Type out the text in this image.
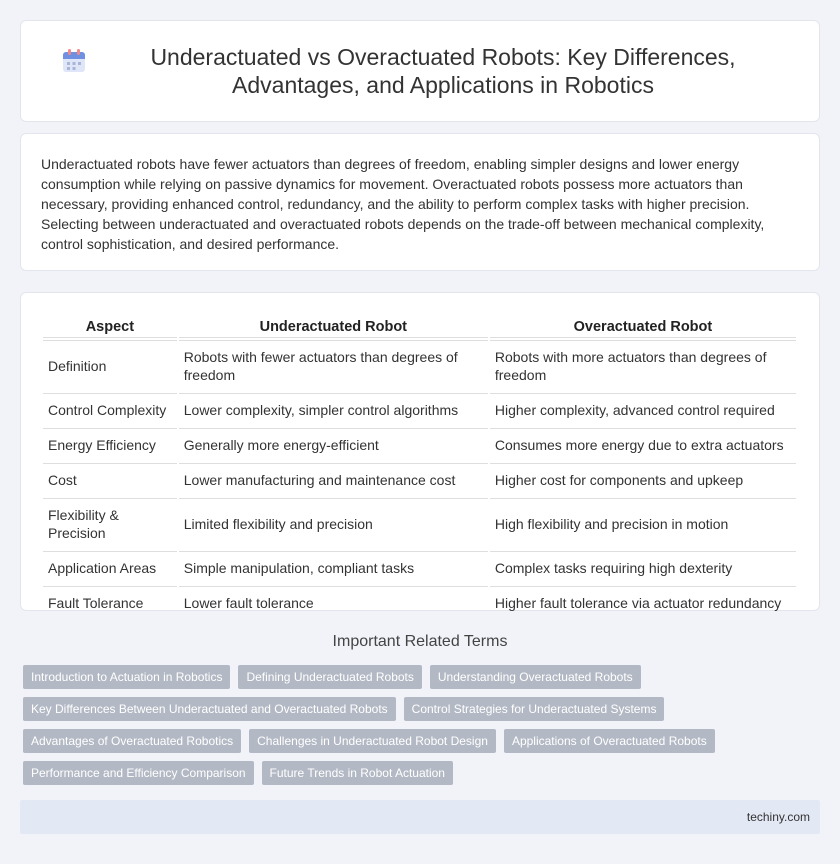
Underactuated vs Overactuated Robots: Key Differences, Advantages, and Applications in Robotics

Underactuated robots have fewer actuators than degrees of freedom, enabling simpler designs and lower energy consumption while relying on passive dynamics for movement. Overactuated robots possess more actuators than necessary, providing enhanced control, redundancy, and the ability to perform complex tasks with higher precision. Selecting between underactuated and overactuated robots depends on the trade-off between mechanical complexity, control sophistication, and desired performance.

Aspect	Underactuated Robot	Overactuated Robot
Definition	Robots with fewer actuators than degrees of freedom	Robots with more actuators than degrees of freedom
Control Complexity	Lower complexity, simpler control algorithms	Higher complexity, advanced control required
Energy Efficiency	Generally more energy-efficient	Consumes more energy due to extra actuators
Cost	Lower manufacturing and maintenance cost	Higher cost for components and upkeep
Flexibility & Precision	Limited flexibility and precision	High flexibility and precision in motion
Application Areas	Simple manipulation, compliant tasks	Complex tasks requiring high dexterity
Fault Tolerance	Lower fault tolerance	Higher fault tolerance via actuator redundancy
Important Related Terms
Introduction to Actuation in Robotics	Defining Underactuated Robots	Understanding Overactuated Robots
Key Differences Between Underactuated and Overactuated Robots	Control Strategies for Underactuated Systems
Advantages of Overactuated Robotics	Challenges in Underactuated Robot Design	Applications of Overactuated Robots
Performance and Efficiency Comparison	Future Trends in Robot Actuation
techiny.com
